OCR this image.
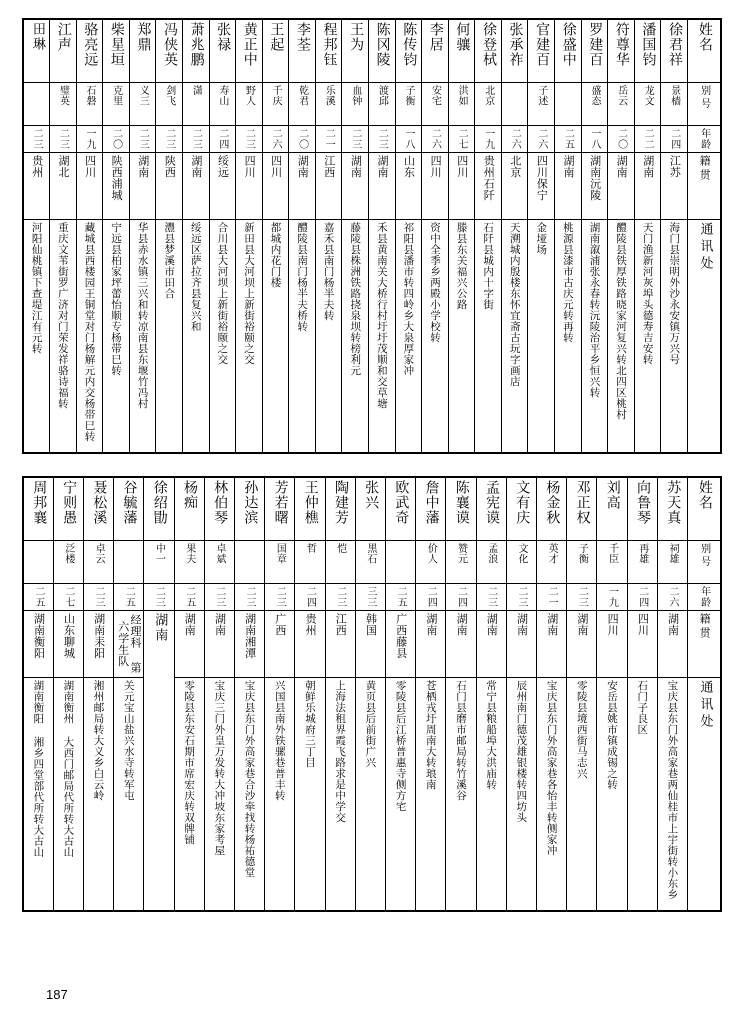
田琳	江声	骆亮远	柴星垣	郑鼎	冯侠英	萧兆鹏	张禄	黄正中	王起	李荃	程邦钰	王为	陈冈陵	陈传钧	李居	何骧	徐登栻	张承祚	官建百	徐盛中	罗建百	符尊华	潘国钧	徐君祥	姓名

	璧英	石磐	克里	义三	剑飞	潇	寿山	野人	千庆	乾君	乐溪	血钟	渡邱	子衡	安宅	洪如	北京		子述		盛态	岳云	龙文	景樯	别号

二三	二三	一九	二〇	二三	二三	二三	二四	二三	二六	二〇	二一	二三	二三	一八	二六	二七	一九	二六	二六	二五	一八	二〇	二二	二四	年龄

贵州	湖北	四川	陕西浦城	湖南	陕西	湖南	绥远	四川	四川	湖南	江西	湖南	湖南	山东	四川	四川	贵州石阡	北京	四川保宁	湖南	湖南沅陵	湖南	湖南	江苏	籍贯

河阳仙桃镇下查堤江有元转	重庆文苇街罗广济对门荣发祥骆诗福转	藏城县西楼园王铜堂对门杨解元内交杨帯巳转	宁远县柏家坪蕾怡顺专杨带巳转	华县赤水镇三兴和转凉南县东堰竹冯村	灃县梦溪市田合	绥远区萨拉齐县复兴和	合川县大河坝上新街裕颐之交	新田县大河坝上新街裕颐之交	都城内花门楼	醴陵县南门杨半夫桥转	嘉禾县南门杨半夫转	藤陵县株洲铁路挠泉坝转榜利元	禾县黄南关大桥行村圩圩茂顺和交草塘	祁阳县潘市转四岭乡大泉厚家冲	资中全季乡两殿小学校转	滕县东关福兴公路	石阡县城内十字街	天溯城内殷楼东怀宜斋古玩字画店	金垭场	桃源县漆市古庆元转再转	湖南溆浦张永春转沅陵治平乡恒兴转	醴陵县铁厚铁路晓家河复兴转北四区桃村	天门渔新河灰埠头德寿吉安转	海门县崇明外沙永安镇万兴号	通讯处
周邦襄	宁则愚	聂松溪	谷毓藩	徐绍勖	杨痴	林伯琴	孙达滨	芳若曙	王仲樵	陶建芳	张兴	欧武奇	詹中藩	陈襄谟	孟宪谟	文有庆	杨金秋	邓正权	刘高	向鲁琴	苏天真	姓名

	泛楼	卓云		中一	果夫	卓斌		国章	哲	恺	黑石		价人	赞元	孟浪	文化	英才	子衡	千臣	再雄	祠雄	别号

二五	二七	二三	二五	二三	二五	二三	二三	二三	二四	二三	三三	二五	二四	二四	二三	二三	二一	二三	一九	二四	二六	年龄

湖南衡阳	山东聊城	湖南耒阳	经理科 第六学生队	湖南	湖南	湖南	湖南湘潭	广西	贵州	江西	韩国	广西藤县	湖南	湖南	湖南	湖南	湖南	湖南	四川	四川	湖南	籍贯

湖南衡阳 湘乡四堂部代所转大古山	湖南衡州 大西门邮局代所转大古山	湘州邮局转大义乡白云岭	关元宝山盐兴水寺转军屯		零陵县东安石期市席宏庆转双牌铺	宝庆三门外皇万发转大冲坡东家考屋	宝庆县东门外高家巷合沙牵找转杨祐德堂	兴国县南外铁骡巷普丰转	朝鲜乐城府三丁目	上海法租界霞飞路求是中学交	黄页县后前街广兴	零陵县后江桥普惠寺侧方宅	苍栖戎圩周南大转琅南	石门县磨市邮局转竹溪谷	常宁县粮船埠大洪庙转	辰州南门德茂雄银楼转四坊头	宝庆县东门外高家巷各怡丰转侧家冲	零陵县境西街马志兴	安岳县姚市镇成锡之转	石门子良区	宝庆县东门外高家巷两仙桂市上宇街转小东乡	通讯处
187
